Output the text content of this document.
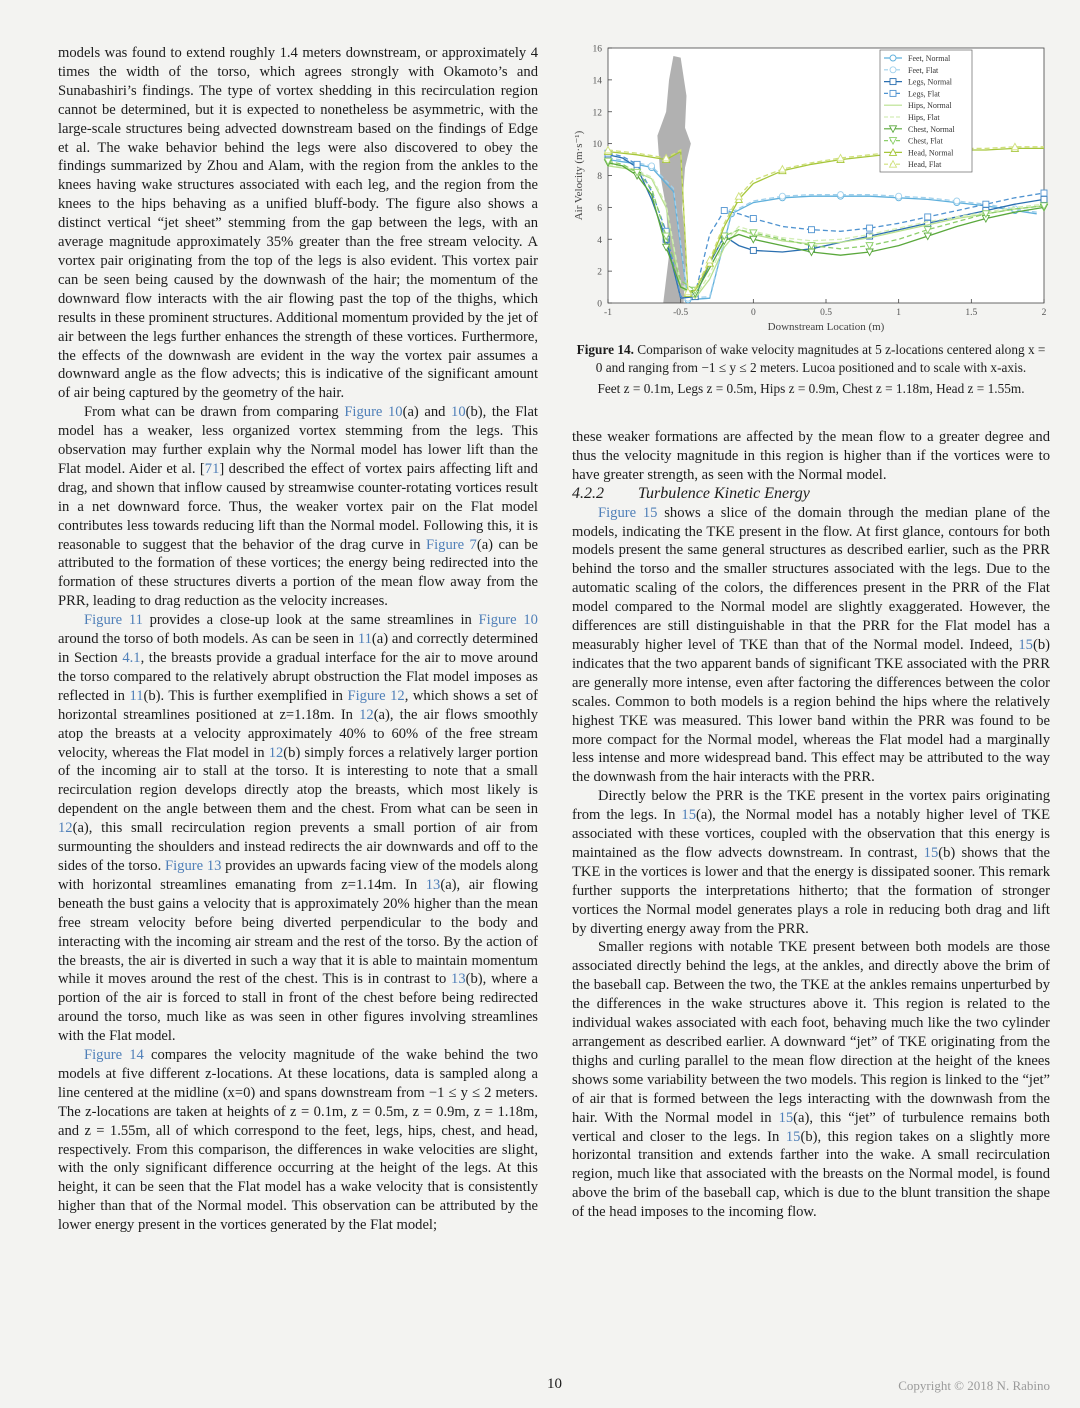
models was found to extend roughly 1.4 meters downstream, or approximately 4 times the width of the torso, which agrees strongly with Okamoto’s and Sunabashiri’s findings. The type of vortex shedding in this recirculation region cannot be determined, but it is expected to nonetheless be asymmetric, with the large-scale structures being advected downstream based on the findings of Edge et al. The wake behavior behind the legs were also discovered to obey the findings summarized by Zhou and Alam, with the region from the ankles to the knees having wake structures associated with each leg, and the region from the knees to the hips behaving as a unified bluff-body. The figure also shows a distinct vertical “jet sheet” stemming from the gap between the legs, with an average magnitude approximately 35% greater than the free stream velocity. A vortex pair originating from the top of the legs is also evident. This vortex pair can be seen being caused by the downwash of the hair; the momentum of the downward flow interacts with the air flowing past the top of the thighs, which results in these prominent structures. Additional momentum provided by the jet of air between the legs further enhances the strength of these vortices. Furthermore, the effects of the downwash are evident in the way the vortex pair assumes a downward angle as the flow advects; this is indicative of the significant amount of air being captured by the geometry of the hair.

From what can be drawn from comparing Figure 10(a) and 10(b), the Flat model has a weaker, less organized vortex stemming from the legs. This observation may further explain why the Normal model has lower lift than the Flat model. Aider et al. [71] described the effect of vortex pairs affecting lift and drag, and shown that inflow caused by streamwise counter-rotating vortices result in a net downward force. Thus, the weaker vortex pair on the Flat model contributes less towards reducing lift than the Normal model. Following this, it is reasonable to suggest that the behavior of the drag curve in Figure 7(a) can be attributed to the formation of these vortices; the energy being redirected into the formation of these structures diverts a portion of the mean flow away from the PRR, leading to drag reduction as the velocity increases.

Figure 11 provides a close-up look at the same streamlines in Figure 10 around the torso of both models. As can be seen in 11(a) and correctly determined in Section 4.1, the breasts provide a gradual interface for the air to move around the torso compared to the relatively abrupt obstruction the Flat model imposes as reflected in 11(b). This is further exemplified in Figure 12, which shows a set of horizontal streamlines positioned at z=1.18m. In 12(a), the air flows smoothly atop the breasts at a velocity approximately 40% to 60% of the free stream velocity, whereas the Flat model in 12(b) simply forces a relatively larger portion of the incoming air to stall at the torso. It is interesting to note that a small recirculation region develops directly atop the breasts, which most likely is dependent on the angle between them and the chest. From what can be seen in 12(a), this small recirculation region prevents a small portion of air from surmounting the shoulders and instead redirects the air downwards and off to the sides of the torso. Figure 13 provides an upwards facing view of the models along with horizontal streamlines emanating from z=1.14m. In 13(a), air flowing beneath the bust gains a velocity that is approximately 20% higher than the mean free stream velocity before being diverted perpendicular to the body and interacting with the incoming air stream and the rest of the torso. By the action of the breasts, the air is diverted in such a way that it is able to maintain momentum while it moves around the rest of the chest. This is in contrast to 13(b), where a portion of the air is forced to stall in front of the chest before being redirected around the torso, much like as was seen in other figures involving streamlines with the Flat model.

Figure 14 compares the velocity magnitude of the wake behind the two models at five different z-locations. At these locations, data is sampled along a line centered at the midline (x=0) and spans downstream from −1 ≤ y ≤ 2 meters. The z-locations are taken at heights of z = 0.1m, z = 0.5m, z = 0.9m, z = 1.18m, and z = 1.55m, all of which correspond to the feet, legs, hips, chest, and head, respectively. From this comparison, the differences in wake velocities are slight, with the only significant difference occurring at the height of the legs. At this height, it can be seen that the Flat model has a wake velocity that is consistently higher than that of the Normal model. This observation can be attributed by the lower energy present in the vortices generated by the Flat model;

-1	-0.5	0	0.5	1	1.5	2
0
2
4
6
8
10
12
14
16
Downstream Location (m)
Air Velocity (m·s⁻¹)
Feet, Normal
Feet, Flat
Legs, Normal
Legs, Flat
Hips, Normal
Hips, Flat
Chest, Normal
Chest, Flat
Head, Normal
Head, Flat
Figure 14. Comparison of wake velocity magnitudes at 5 z-locations centered along x = 0 and ranging from −1 ≤ y ≤ 2 meters. Lucoa positioned and to scale with x-axis.
Feet z = 0.1m, Legs z = 0.5m, Hips z = 0.9m, Chest z = 1.18m, Head z = 1.55m.

these weaker formations are affected by the mean flow to a greater degree and thus the velocity magnitude in this region is higher than if the vortices were to have greater strength, as seen with the Normal model.

4.2.2 Turbulence Kinetic Energy

Figure 15 shows a slice of the domain through the median plane of the models, indicating the TKE present in the flow. At first glance, contours for both models present the same general structures as described earlier, such as the PRR behind the torso and the smaller structures associated with the legs. Due to the automatic scaling of the colors, the differences present in the PRR of the Flat model compared to the Normal model are slightly exaggerated. However, the differences are still distinguishable in that the PRR for the Flat model has a measurably higher level of TKE than that of the Normal model. Indeed, 15(b) indicates that the two apparent bands of significant TKE associated with the PRR are generally more intense, even after factoring the differences between the color scales. Common to both models is a region behind the hips where the relatively highest TKE was measured. This lower band within the PRR was found to be more compact for the Normal model, whereas the Flat model had a marginally less intense and more widespread band. This effect may be attributed to the way the downwash from the hair interacts with the PRR.

Directly below the PRR is the TKE present in the vortex pairs originating from the legs. In 15(a), the Normal model has a notably higher level of TKE associated with these vortices, coupled with the observation that this energy is maintained as the flow advects downstream. In contrast, 15(b) shows that the TKE in the vortices is lower and that the energy is dissipated sooner. This remark further supports the interpretations hitherto; that the formation of stronger vortices the Normal model generates plays a role in reducing both drag and lift by diverting energy away from the PRR.

Smaller regions with notable TKE present between both models are those associated directly behind the legs, at the ankles, and directly above the brim of the baseball cap. Between the two, the TKE at the ankles remains unperturbed by the differences in the wake structures above it. This region is related to the individual wakes associated with each foot, behaving much like the two cylinder arrangement as described earlier. A downward “jet” of TKE originating from the thighs and curling parallel to the mean flow direction at the height of the knees shows some variability between the two models. This region is linked to the “jet” of air that is formed between the legs interacting with the downwash from the hair. With the Normal model in 15(a), this “jet” of turbulence remains both vertical and closer to the legs. In 15(b), this region takes on a slightly more horizontal transition and extends farther into the wake. A small recirculation region, much like that associated with the breasts on the Normal model, is found above the brim of the baseball cap, which is due to the blunt transition the shape of the head imposes to the incoming flow.

10	Copyright © 2018 N. Rabino
